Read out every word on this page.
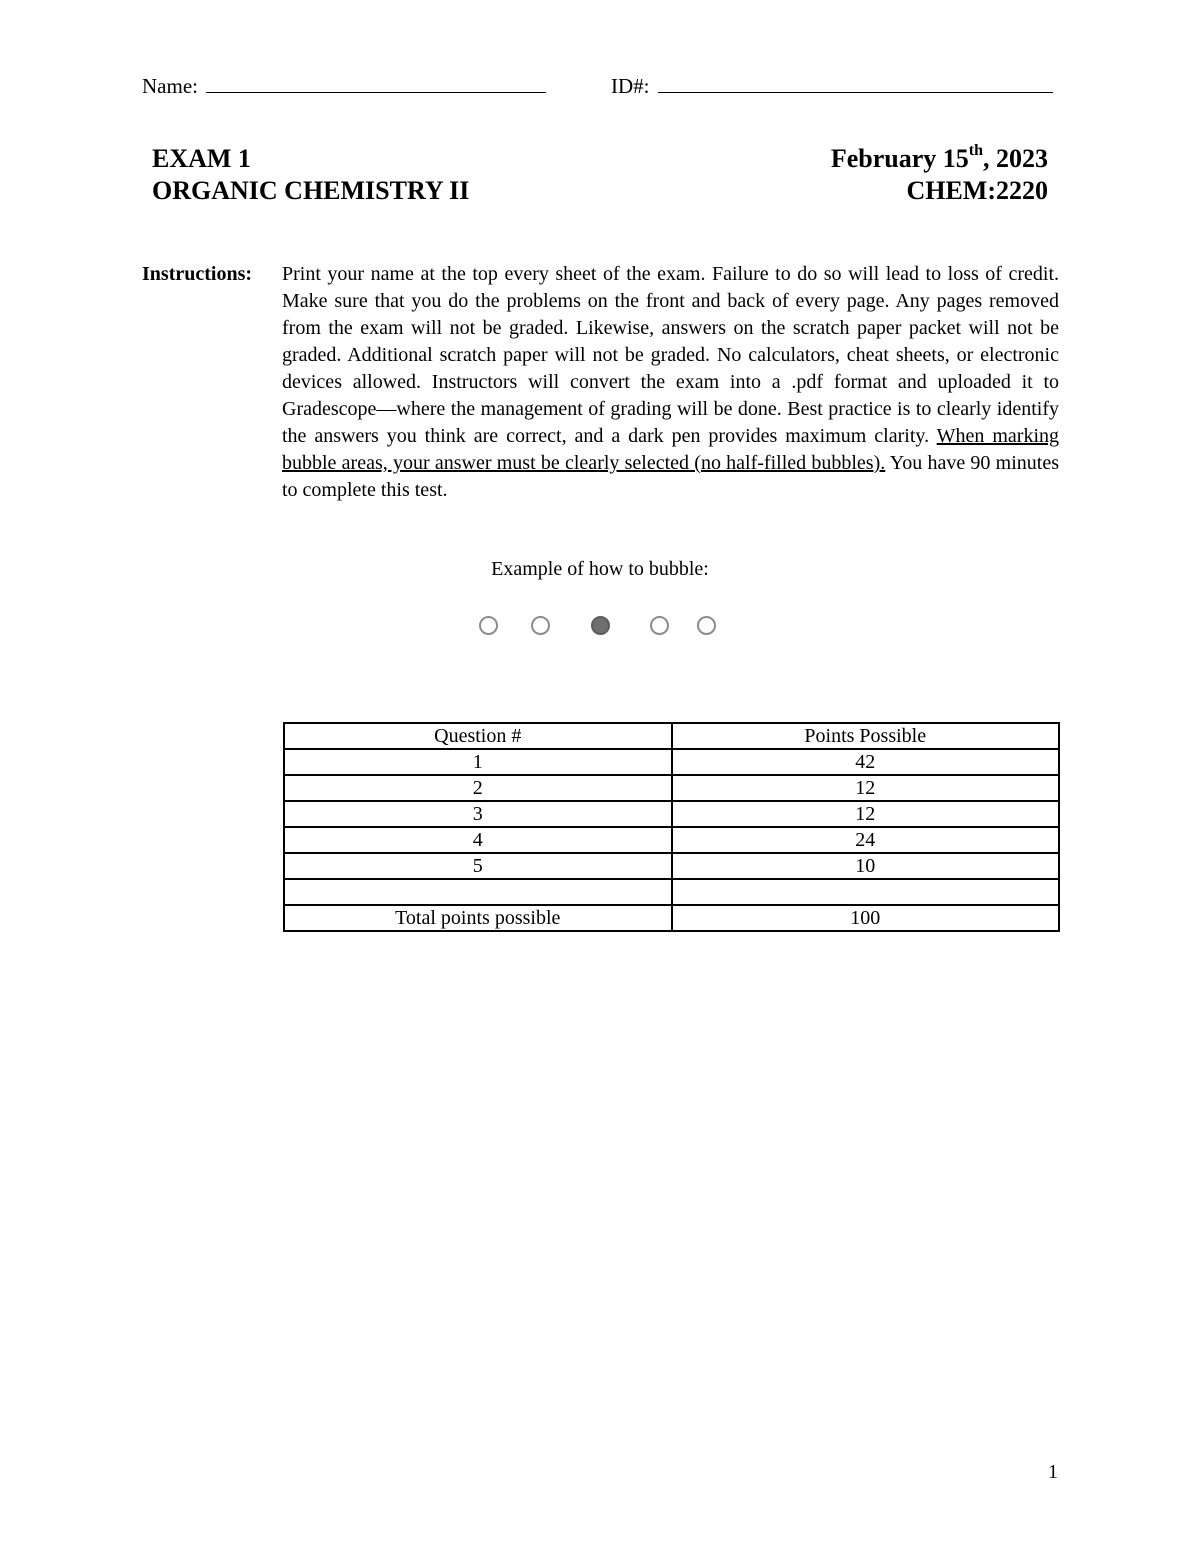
Name:	ID#:
EXAM 1
ORGANIC CHEMISTRY II
February 15th, 2023
CHEM:2220
Instructions: Print your name at the top every sheet of the exam. Failure to do so will lead to loss of credit. Make sure that you do the problems on the front and back of every page. Any pages removed from the exam will not be graded. Likewise, answers on the scratch paper packet will not be graded. Additional scratch paper will not be graded. No calculators, cheat sheets, or electronic devices allowed. Instructors will convert the exam into a .pdf format and uploaded it to Gradescope—where the management of grading will be done. Best practice is to clearly identify the answers you think are correct, and a dark pen provides maximum clarity. When marking bubble areas, your answer must be clearly selected (no half-filled bubbles). You have 90 minutes to complete this test.
Example of how to bubble:
Question #	Points Possible
1	42
2	12
3	12
4	24
5	10

Total points possible	100
1
